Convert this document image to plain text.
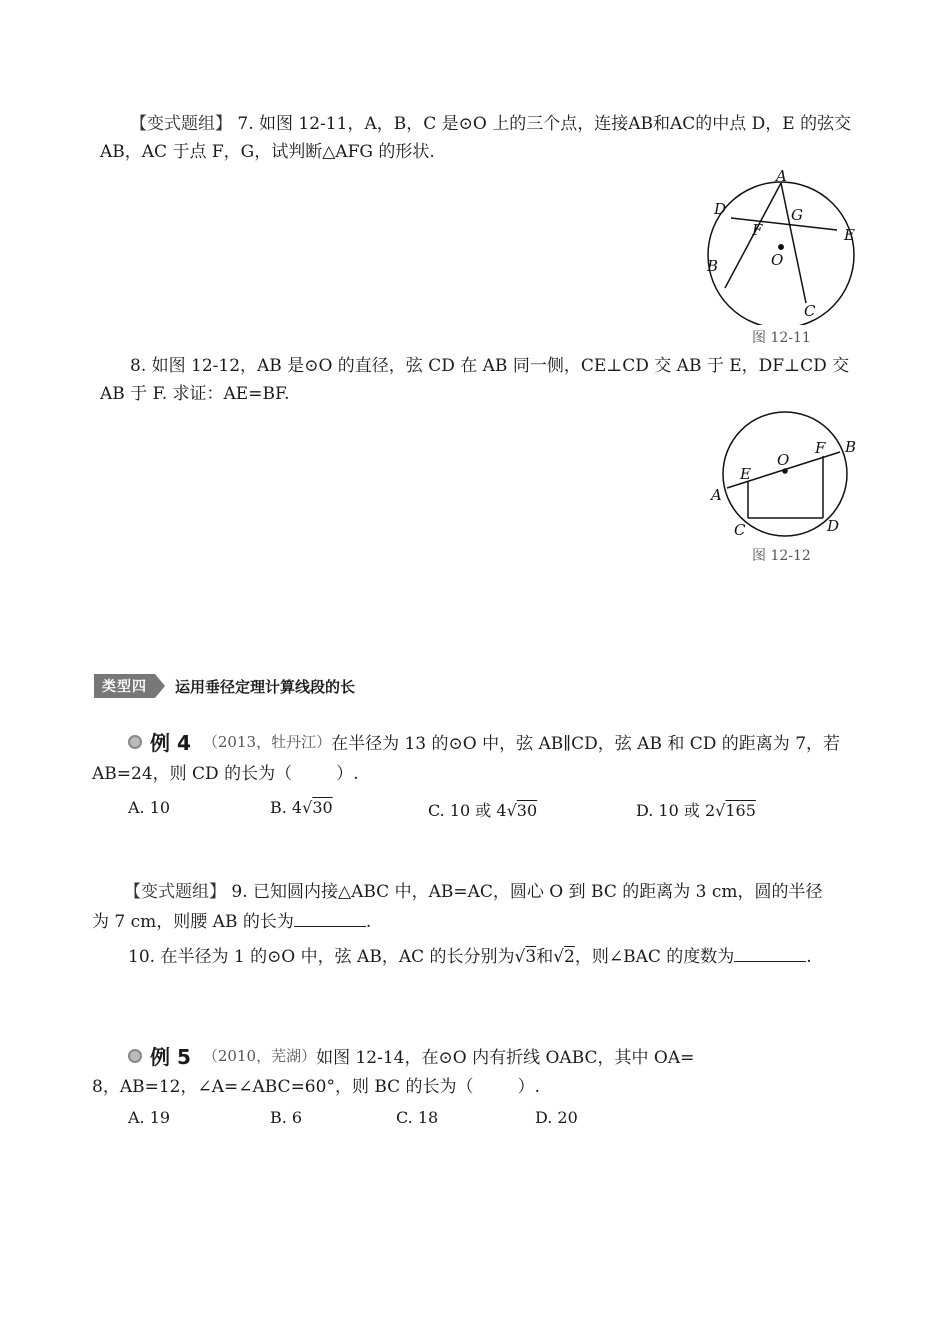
【变式题组】 7. 如图 12-11，A，B，C 是⊙O 上的三个点，连接AB和AC的中点 D，E 的弦交
AB，AC 于点 F，G，试判断△AFG 的形状.
A
D	G
E
F
O
B
C
图 12-11
8. 如图 12-12，AB 是⊙O 的直径，弦 CD 在 AB 同一侧，CE⊥CD 交 AB 于 E，DF⊥CD 交
AB 于 F. 求证：AE=BF.
F B
O
E
A
C	D
图 12-12
类型四	运用垂径定理计算线段的长
例 4 （2013，牡丹江） 在半径为 13 的⊙O 中，弦 AB∥CD，弦 AB 和 CD 的距离为 7，若
AB=24，则 CD 的长为（	）.
A. 10	B. 4√30	C. 10 或 4√30	D. 10 或 2√165
【变式题组】 9. 已知圆内接△ABC 中，AB=AC，圆心 O 到 BC 的距离为 3 cm，圆的半径
为 7 cm，则腰 AB 的长为	.
10. 在半径为 1 的⊙O 中，弦 AB，AC 的长分别为√3和√2，则∠BAC 的度数为	.
例 5 （2010，芜湖） 如图 12-14，在⊙O 内有折线 OABC，其中 OA=
8，AB=12，∠A=∠ABC=60°，则 BC 的长为（	）.
A. 19	B. 6	C. 18	D. 20
